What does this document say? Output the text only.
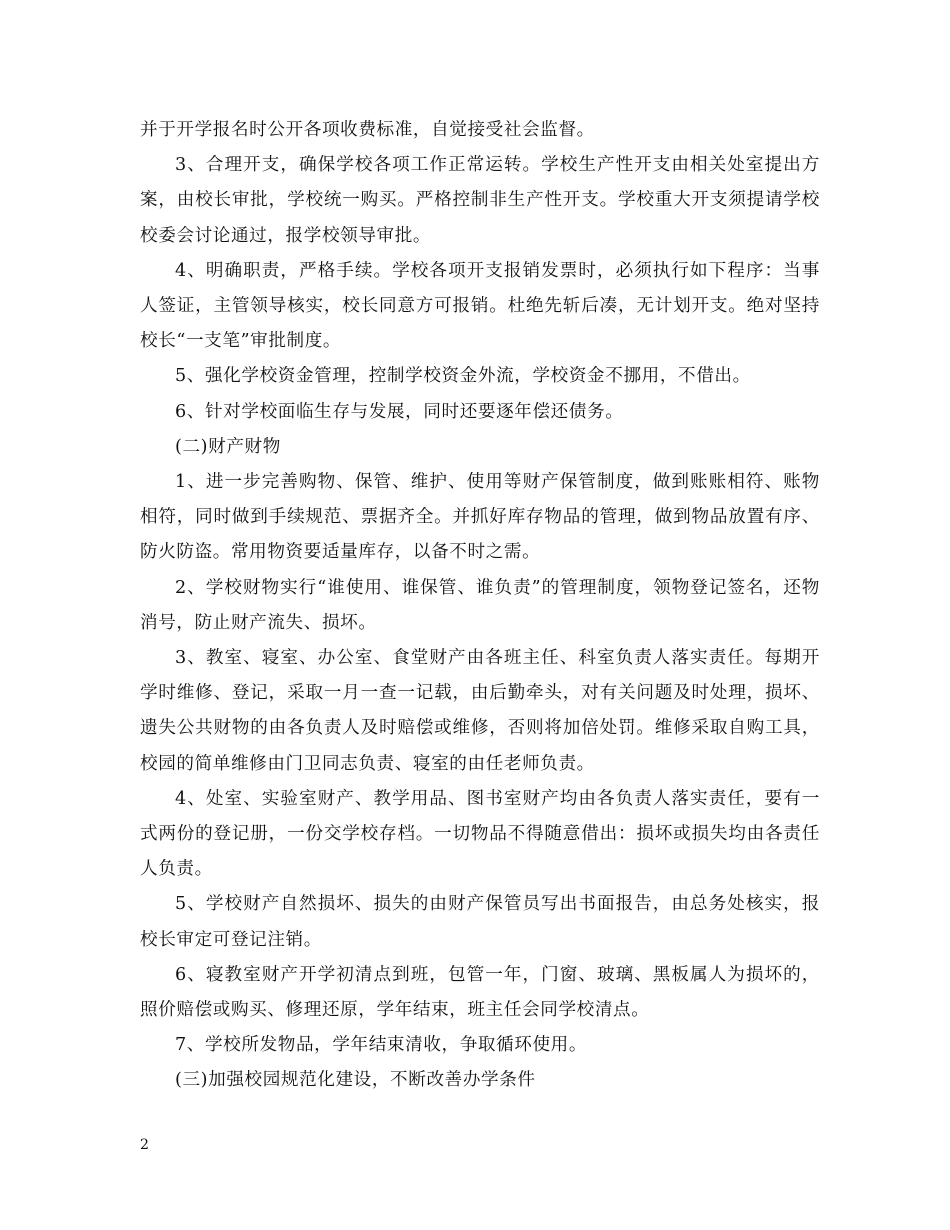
并于开学报名时公开各项收费标准，自觉接受社会监督。

3、合理开支，确保学校各项工作正常运转。学校生产性开支由相关处室提出方案，由校长审批，学校统一购买。严格控制非生产性开支。学校重大开支须提请学校校委会讨论通过，报学校领导审批。

4、明确职责，严格手续。学校各项开支报销发票时，必须执行如下程序：当事人签证，主管领导核实，校长同意方可报销。杜绝先斩后凑，无计划开支。绝对坚持校长“一支笔”审批制度。

5、强化学校资金管理，控制学校资金外流，学校资金不挪用，不借出。

6、针对学校面临生存与发展，同时还要逐年偿还债务。

(二)财产财物

1、进一步完善购物、保管、维护、使用等财产保管制度，做到账账相符、账物相符，同时做到手续规范、票据齐全。并抓好库存物品的管理，做到物品放置有序、防火防盗。常用物资要适量库存，以备不时之需。

2、学校财物实行“谁使用、谁保管、谁负责”的管理制度，领物登记签名，还物消号，防止财产流失、损坏。

3、教室、寝室、办公室、食堂财产由各班主任、科室负责人落实责任。每期开学时维修、登记，采取一月一查一记载，由后勤牵头，对有关问题及时处理，损坏、遗失公共财物的由各负责人及时赔偿或维修，否则将加倍处罚。维修采取自购工具，校园的简单维修由门卫同志负责、寝室的由任老师负责。

4、处室、实验室财产、教学用品、图书室财产均由各负责人落实责任，要有一式两份的登记册，一份交学校存档。一切物品不得随意借出：损坏或损失均由各责任人负责。

5、学校财产自然损坏、损失的由财产保管员写出书面报告，由总务处核实，报校长审定可登记注销。

6、寝教室财产开学初清点到班，包管一年，门窗、玻璃、黑板属人为损坏的，照价赔偿或购买、修理还原，学年结束，班主任会同学校清点。

7、学校所发物品，学年结束清收，争取循环使用。

(三)加强校园规范化建设，不断改善办学条件

2
